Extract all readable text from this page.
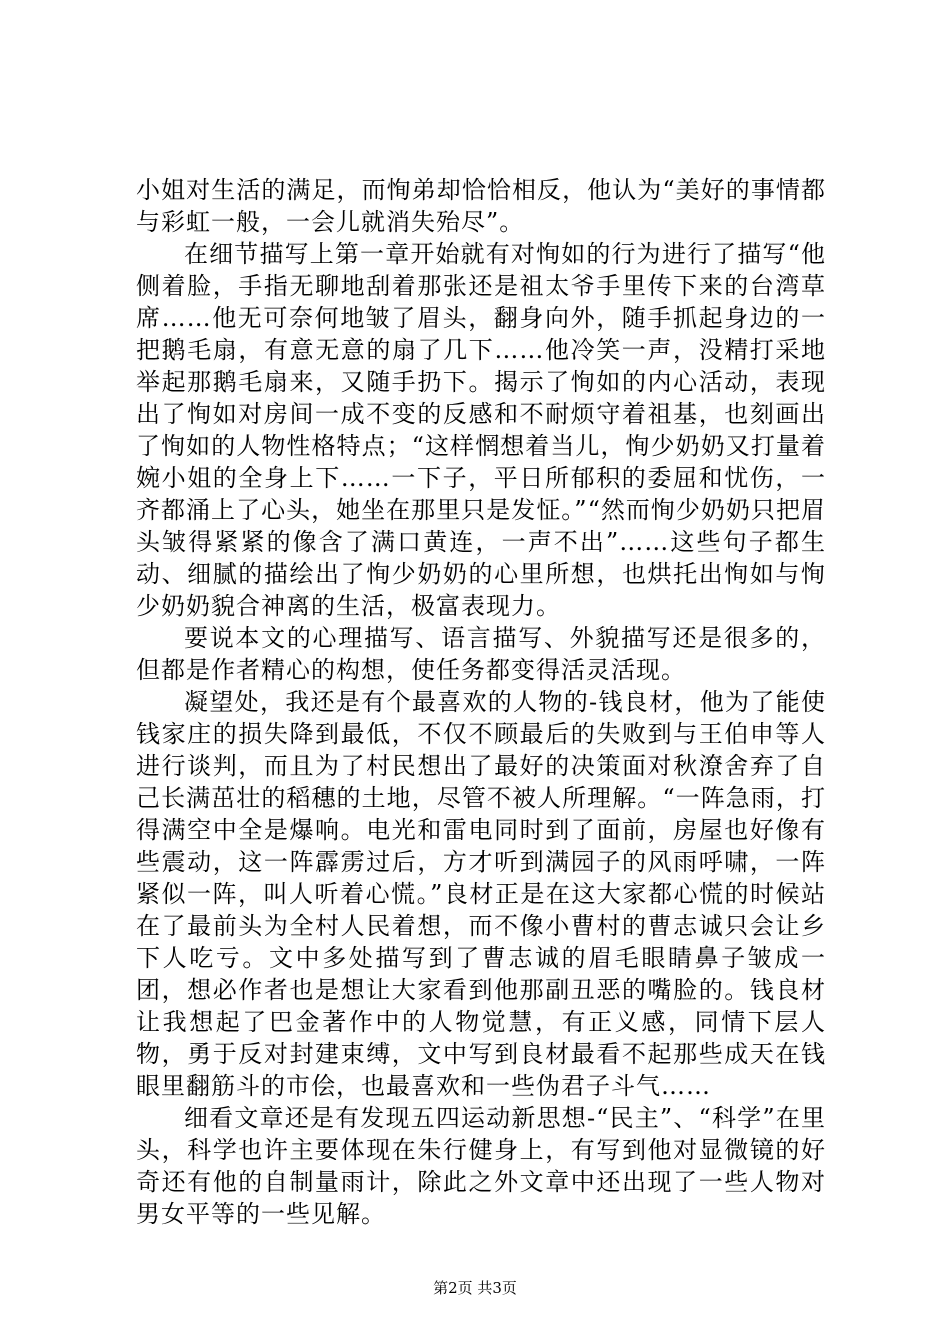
小姐对生活的满足，而恂弟却恰恰相反，他认为“美好的事情都与彩虹一般，一会儿就消失殆尽”。

在细节描写上第一章开始就有对恂如的行为进行了描写“他侧着脸，手指无聊地刮着那张还是祖太爷手里传下来的台湾草席……他无可奈何地皱了眉头，翻身向外，随手抓起身边的一把鹅毛扇，有意无意的扇了几下……他冷笑一声，没精打采地举起那鹅毛扇来，又随手扔下。揭示了恂如的内心活动，表现出了恂如对房间一成不变的反感和不耐烦守着祖基，也刻画出了恂如的人物性格特点；“这样惘想着当儿，恂少奶奶又打量着婉小姐的全身上下……一下子，平日所郁积的委屈和忧伤，一齐都涌上了心头，她坐在那里只是发怔。”“然而恂少奶奶只把眉头皱得紧紧的像含了满口黄连，一声不出”……这些句子都生动、细腻的描绘出了恂少奶奶的心里所想，也烘托出恂如与恂少奶奶貌合神离的生活，极富表现力。

要说本文的心理描写、语言描写、外貌描写还是很多的，但都是作者精心的构想，使任务都变得活灵活现。

凝望处，我还是有个最喜欢的人物的-钱良材，他为了能使钱家庄的损失降到最低，不仅不顾最后的失败到与王伯申等人进行谈判，而且为了村民想出了最好的决策面对秋潦舍弃了自己长满茁壮的稻穗的土地，尽管不被人所理解。“一阵急雨，打得满空中全是爆响。电光和雷电同时到了面前，房屋也好像有些震动，这一阵霹雳过后，方才听到满园子的风雨呼啸，一阵紧似一阵，叫人听着心慌。”良材正是在这大家都心慌的时候站在了最前头为全村人民着想，而不像小曹村的曹志诚只会让乡下人吃亏。文中多处描写到了曹志诚的眉毛眼睛鼻子皱成一团，想必作者也是想让大家看到他那副丑恶的嘴脸的。钱良材让我想起了巴金著作中的人物觉慧，有正义感，同情下层人物，勇于反对封建束缚，文中写到良材最看不起那些成天在钱眼里翻筋斗的市侩，也最喜欢和一些伪君子斗气……

细看文章还是有发现五四运动新思想-“民主”、“科学”在里头，科学也许主要体现在朱行健身上，有写到他对显微镜的好奇还有他的自制量雨计，除此之外文章中还出现了一些人物对男女平等的一些见解。

第2页 共3页
